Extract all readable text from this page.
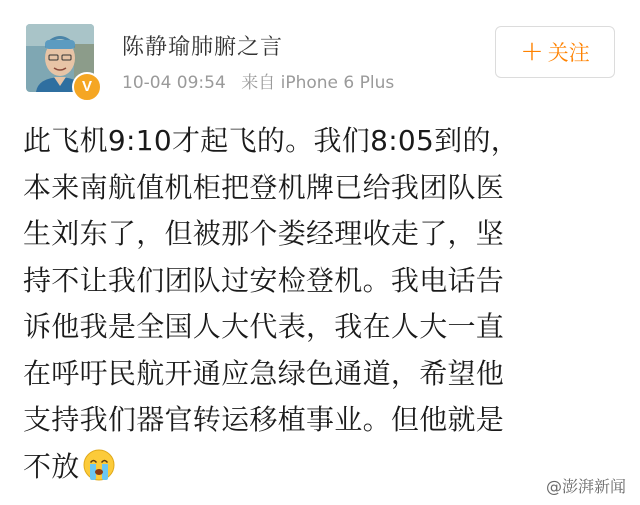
V
陈静瑜肺腑之言
10-04 09:54 来自 iPhone 6 Plus
+ 关注
此飞机9:10才起飞的。我们8:05到的，
本来南航值机柜把登机牌已给我团队医
生刘东了，但被那个娄经理收走了，坚
持不让我们团队过安检登机。我电话告
诉他我是全国人大代表，我在人大一直
在呼吁民航开通应急绿色通道，希望他
支持我们器官转运移植事业。但他就是
不放
@澎湃新闻
